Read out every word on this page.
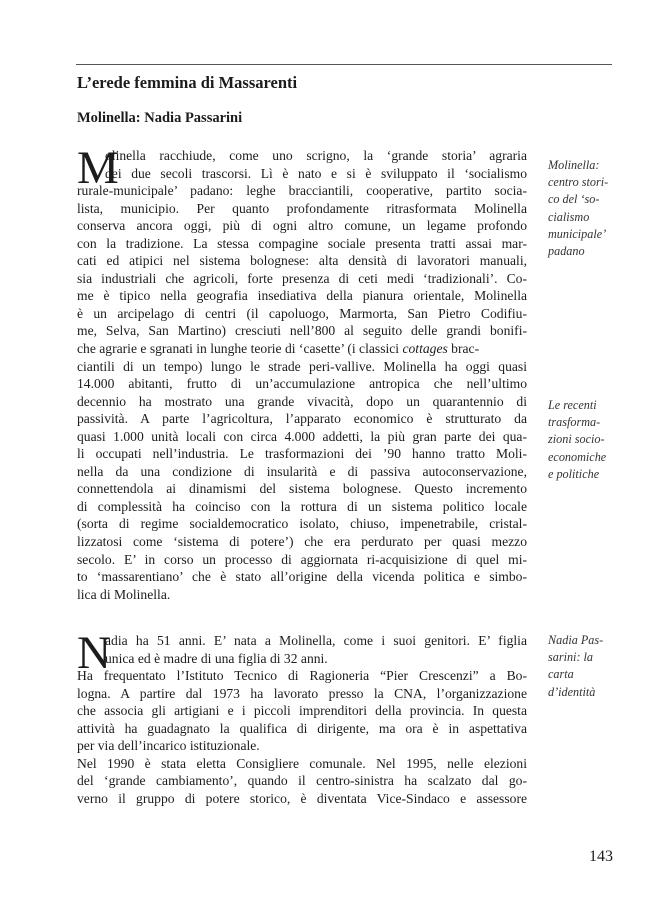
L’erede femmina di Massarenti
Molinella: Nadia Passarini
M
olinella racchiude, come uno scrigno, la ‘grande storia’ agraria
dei due secoli trascorsi. Lì è nato e si è sviluppato il ‘socialismo
rurale-municipale’ padano: leghe bracciantili, cooperative, partito socia-
lista, municipio. Per quanto profondamente ritrasformata Molinella
conserva ancora oggi, più di ogni altro comune, un legame profondo
con la tradizione. La stessa compagine sociale presenta tratti assai mar-
cati ed atipici nel sistema bolognese: alta densità di lavoratori manuali,
sia industriali che agricoli, forte presenza di ceti medi ‘tradizionali’. Co-
me è tipico nella geografia insediativa della pianura orientale, Molinella
è un arcipelago di centri (il capoluogo, Marmorta, San Pietro Codifiu-
me, Selva, San Martino) cresciuti nell’800 al seguito delle grandi bonifi-
che agrarie e sgranati in lunghe teorie di ‘casette’ (i classici cottages brac-
ciantili di un tempo) lungo le strade peri-vallive. Molinella ha oggi quasi
14.000 abitanti, frutto di un’accumulazione antropica che nell’ultimo
decennio ha mostrato una grande vivacità, dopo un quarantennio di
passività. A parte l’agricoltura, l’apparato economico è strutturato da
quasi 1.000 unità locali con circa 4.000 addetti, la più gran parte dei qua-
li occupati nell’industria. Le trasformazioni dei ’90 hanno tratto Moli-
nella da una condizione di insularità e di passiva autoconservazione,
connettendola ai dinamismi del sistema bolognese. Questo incremento
di complessità ha coinciso con la rottura di un sistema politico locale
(sorta di regime socialdemocratico isolato, chiuso, impenetrabile, cristal-
lizzatosi come ‘sistema di potere’) che era perdurato per quasi mezzo
secolo. E’ in corso un processo di aggiornata ri-acquisizione di quel mi-
to ‘massarentiano’ che è stato all’origine della vicenda politica e simbo-
lica di Molinella.
N
adia ha 51 anni. E’ nata a Molinella, come i suoi genitori. E’ figlia
unica ed è madre di una figlia di 32 anni.
Ha frequentato l’Istituto Tecnico di Ragioneria “Pier Crescenzi” a Bo-
logna. A partire dal 1973 ha lavorato presso la CNA, l’organizzazione
che associa gli artigiani e i piccoli imprenditori della provincia. In questa
attività ha guadagnato la qualifica di dirigente, ma ora è in aspettativa
per via dell’incarico istituzionale.
Nel 1990 è stata eletta Consigliere comunale. Nel 1995, nelle elezioni
del ‘grande cambiamento’, quando il centro-sinistra ha scalzato dal go-
verno il gruppo di potere storico, è diventata Vice-Sindaco e assessore
Molinella:
centro stori-
co del ‘so-
cialismo
municipale’
padano
Le recenti
trasforma-
zioni socio-
economiche
e politiche
Nadia Pas-
sarini: la
carta
d’identità
143
